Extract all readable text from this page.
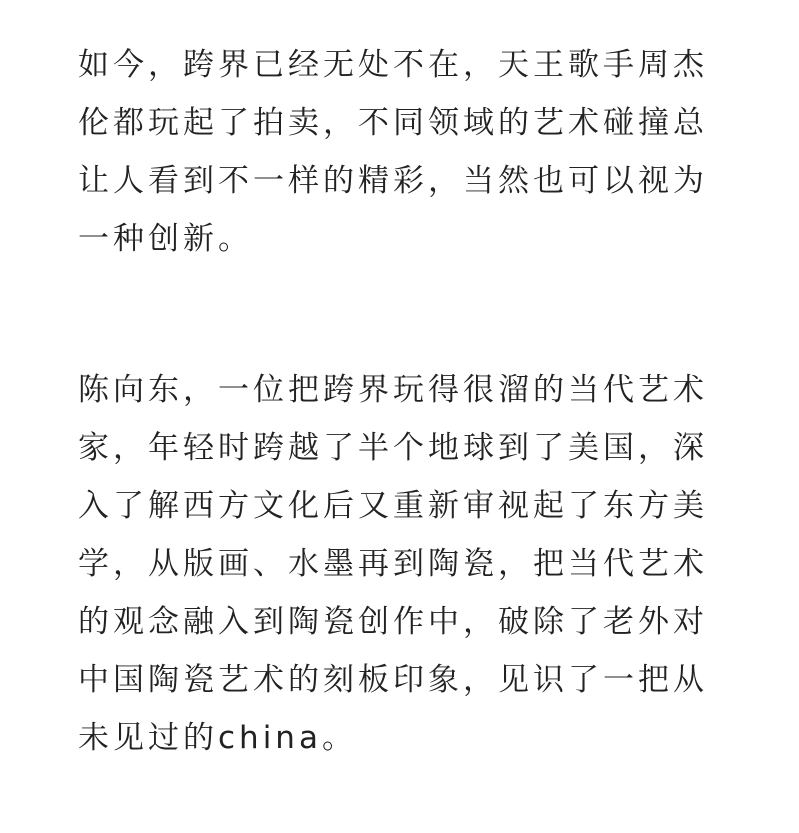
如今，跨界已经无处不在，天王歌手周杰
伦都玩起了拍卖，不同领域的艺术碰撞总
让人看到不一样的精彩，当然也可以视为
一种创新。
陈向东，一位把跨界玩得很溜的当代艺术
家，年轻时跨越了半个地球到了美国，深
入了解西方文化后又重新审视起了东方美
学，从版画、水墨再到陶瓷，把当代艺术
的观念融入到陶瓷创作中，破除了老外对
中国陶瓷艺术的刻板印象，见识了一把从
未见过的china。
